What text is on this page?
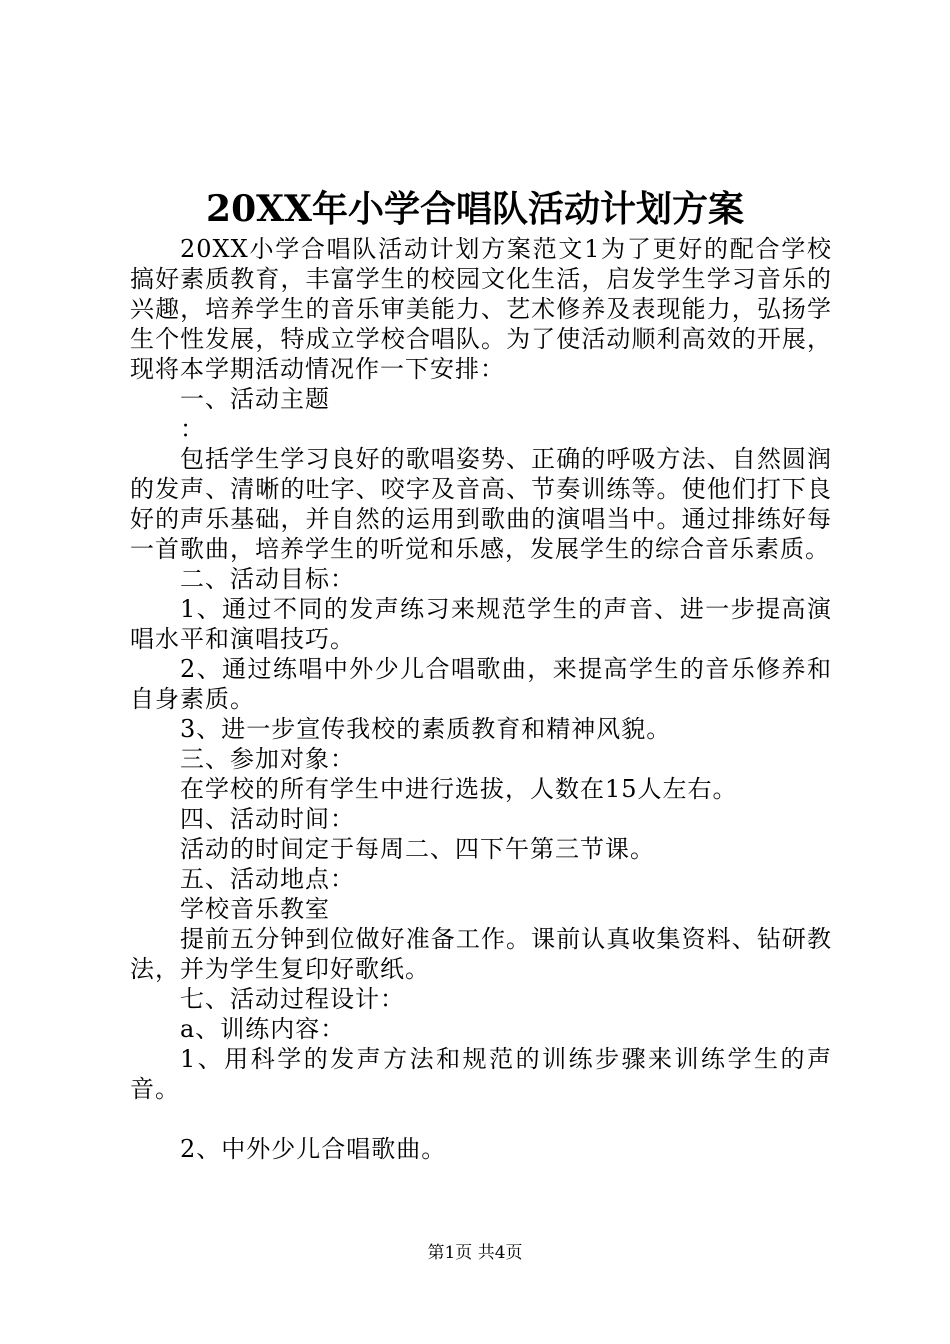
20XX年小学合唱队活动计划方案

20XX小学合唱队活动计划方案范文1为了更好的配合学校搞好素质教育，丰富学生的校园文化生活，启发学生学习音乐的兴趣，培养学生的音乐审美能力、艺术修养及表现能力，弘扬学生个性发展，特成立学校合唱队。为了使活动顺利高效的开展，现将本学期活动情况作一下安排：

一、活动主题

：

包括学生学习良好的歌唱姿势、正确的呼吸方法、自然圆润的发声、清晰的吐字、咬字及音高、节奏训练等。使他们打下良好的声乐基础，并自然的运用到歌曲的演唱当中。通过排练好每一首歌曲，培养学生的听觉和乐感，发展学生的综合音乐素质。

二、活动目标：

1、通过不同的发声练习来规范学生的声音、进一步提高演唱水平和演唱技巧。

2、通过练唱中外少儿合唱歌曲，来提高学生的音乐修养和自身素质。

3、进一步宣传我校的素质教育和精神风貌。

三、参加对象：

在学校的所有学生中进行选拔，人数在15人左右。

四、活动时间：

活动的时间定于每周二、四下午第三节课。

五、活动地点：

学校音乐教室

提前五分钟到位做好准备工作。课前认真收集资料、钻研教法，并为学生复印好歌纸。

七、活动过程设计：

a、训练内容：

1、用科学的发声方法和规范的训练步骤来训练学生的声音。

2、中外少儿合唱歌曲。

第1页 共4页
